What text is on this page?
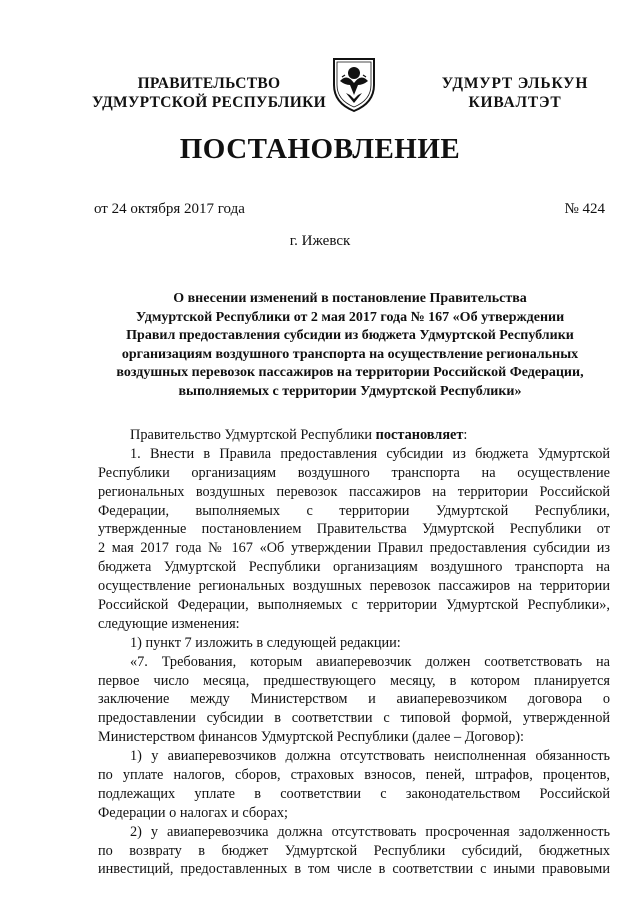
ПРАВИТЕЛЬСТВО
УДМУРТСКОЙ РЕСПУБЛИКИ
УДМУРТ ЭЛЬКУН
КИВАЛТЭТ
ПОСТАНОВЛЕНИЕ
от 24 октября 2017 года	№ 424
г. Ижевск
О внесении изменений в постановление Правительства
Удмуртской Республики от 2 мая 2017 года № 167 «Об утверждении
Правил предоставления субсидии из бюджета Удмуртской Республики
организациям воздушного транспорта на осуществление региональных
воздушных перевозок пассажиров на территории Российской Федерации,
выполняемых с территории Удмуртской Республики»
Правительство Удмуртской Республики постановляет:
1. Внести в Правила предоставления субсидии из бюджета Удмуртской
Республики организациям воздушного транспорта на осуществление
региональных воздушных перевозок пассажиров на территории Российской
Федерации, выполняемых с территории Удмуртской Республики,
утвержденные постановлением Правительства Удмуртской Республики от
2 мая 2017 года № 167 «Об утверждении Правил предоставления субсидии из
бюджета Удмуртской Республики организациям воздушного транспорта на
осуществление региональных воздушных перевозок пассажиров на территории
Российской Федерации, выполняемых с территории Удмуртской Республики»,
следующие изменения:
1) пункт 7 изложить в следующей редакции:
«7. Требования, которым авиаперевозчик должен соответствовать на
первое число месяца, предшествующего месяцу, в котором планируется
заключение между Министерством и авиаперевозчиком договора о
предоставлении субсидии в соответствии с типовой формой, утвержденной
Министерством финансов Удмуртской Республики (далее – Договор):
1) у авиаперевозчиков должна отсутствовать неисполненная обязанность
по уплате налогов, сборов, страховых взносов, пеней, штрафов, процентов,
подлежащих уплате в соответствии с законодательством Российской
Федерации о налогах и сборах;
2) у авиаперевозчика должна отсутствовать просроченная задолженность
по возврату в бюджет Удмуртской Республики субсидий, бюджетных
инвестиций, предоставленных в том числе в соответствии с иными правовыми
